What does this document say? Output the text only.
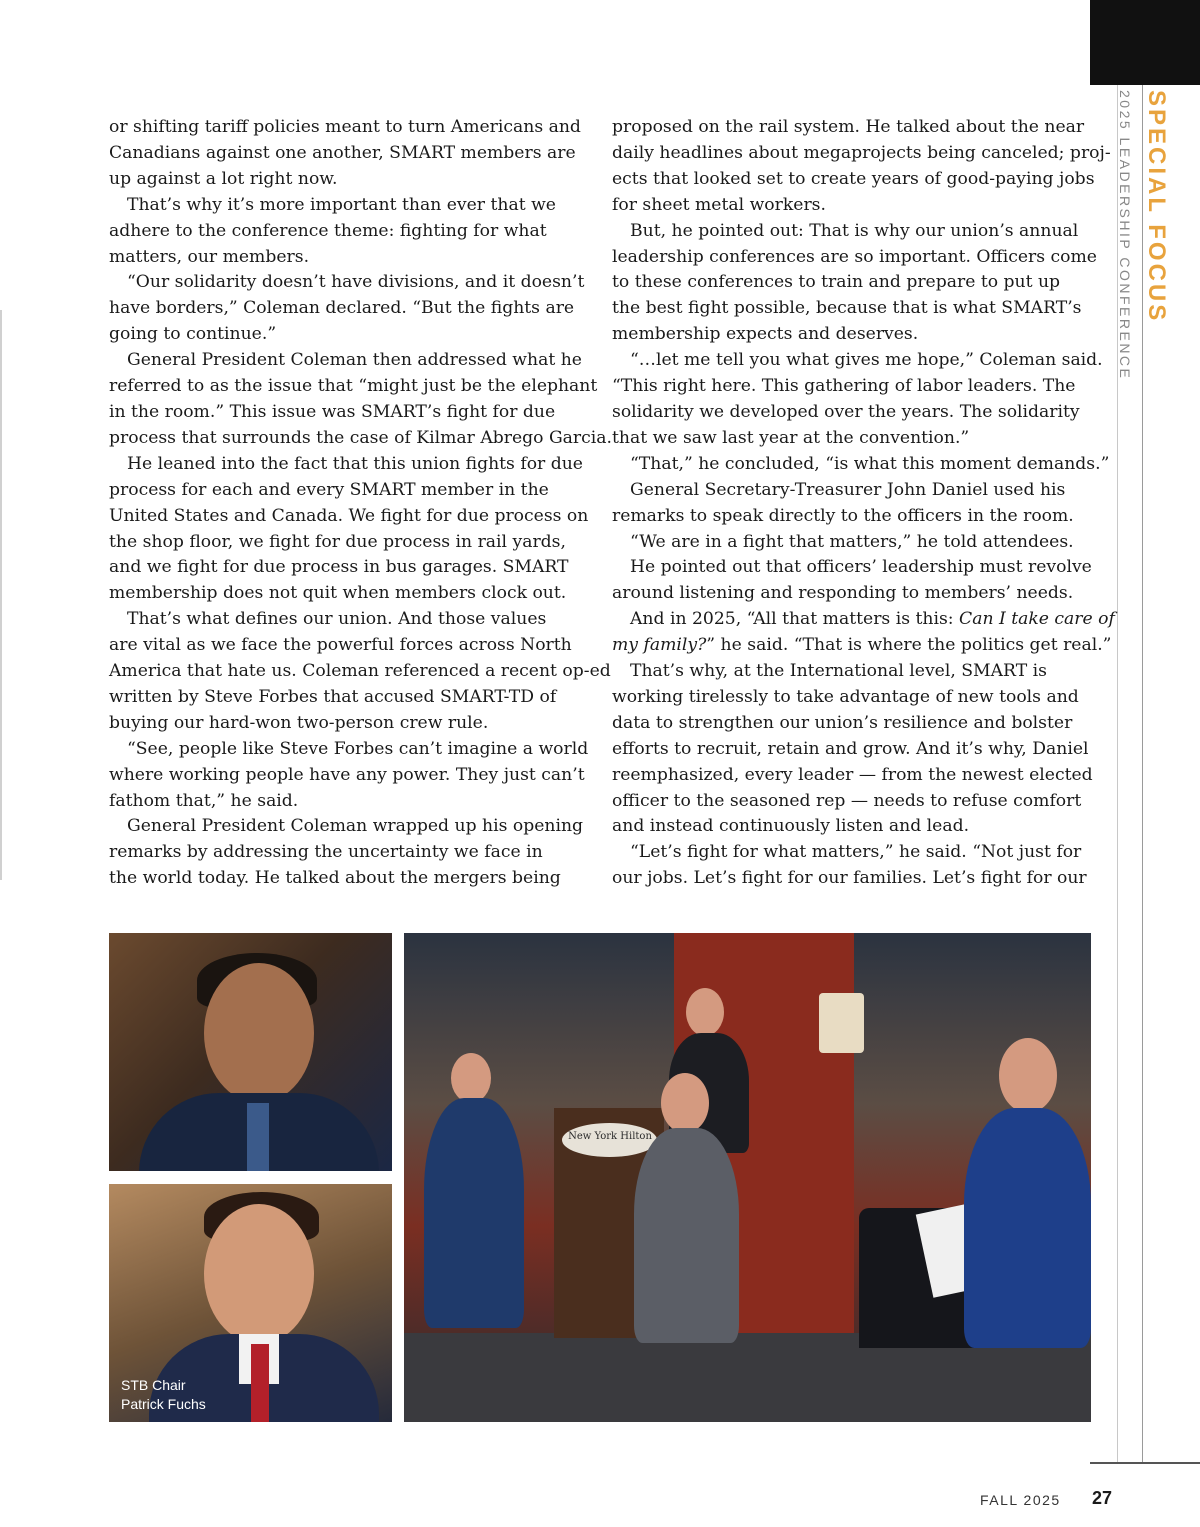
SPECIAL FOCUS
2025 LEADERSHIP CONFERENCE

or shifting tariff policies meant to turn Americans and

Canadians against one another, SMART members are

up against a lot right now.

That’s why it’s more important than ever that we

adhere to the conference theme: fighting for what

matters, our members.

“Our solidarity doesn’t have divisions, and it doesn’t

have borders,” Coleman declared. “But the fights are

going to continue.”

General President Coleman then addressed what he

referred to as the issue that “might just be the elephant

in the room.” This issue was SMART’s fight for due

process that surrounds the case of Kilmar Abrego Garcia.

He leaned into the fact that this union fights for due

process for each and every SMART member in the

United States and Canada. We fight for due process on

the shop floor, we fight for due process in rail yards,

and we fight for due process in bus garages. SMART

membership does not quit when members clock out.

That’s what defines our union. And those values

are vital as we face the powerful forces across North

America that hate us. Coleman referenced a recent op-ed

written by Steve Forbes that accused SMART-TD of

buying our hard-won two-person crew rule.

“See, people like Steve Forbes can’t imagine a world

where working people have any power. They just can’t

fathom that,” he said.

General President Coleman wrapped up his opening

remarks by addressing the uncertainty we face in

the world today. He talked about the mergers being

proposed on the rail system. He talked about the near

daily headlines about megaprojects being canceled; proj-

ects that looked set to create years of good-paying jobs

for sheet metal workers.

But, he pointed out: That is why our union’s annual

leadership conferences are so important. Officers come

to these conferences to train and prepare to put up

the best fight possible, because that is what SMART’s

membership expects and deserves.

“…let me tell you what gives me hope,” Coleman said.

“This right here. This gathering of labor leaders. The

solidarity we developed over the years. The solidarity

that we saw last year at the convention.”

“That,” he concluded, “is what this moment demands.”

General Secretary-Treasurer John Daniel used his

remarks to speak directly to the officers in the room.

“We are in a fight that matters,” he told attendees.

He pointed out that officers’ leadership must revolve

around listening and responding to members’ needs.

And in 2025, “All that matters is this: Can I take care of

my family?” he said. “That is where the politics get real.”

That’s why, at the International level, SMART is

working tirelessly to take advantage of new tools and

data to strengthen our union’s resilience and bolster

efforts to recruit, retain and grow. And it’s why, Daniel

reemphasized, every leader — from the newest elected

officer to the seasoned rep — needs to refuse comfort

and instead continuously listen and lead.

“Let’s fight for what matters,” he said. “Not just for

our jobs. Let’s fight for our families. Let’s fight for our

STB Chair
Patrick Fuchs
New York Hilton
FALL 2025 27
